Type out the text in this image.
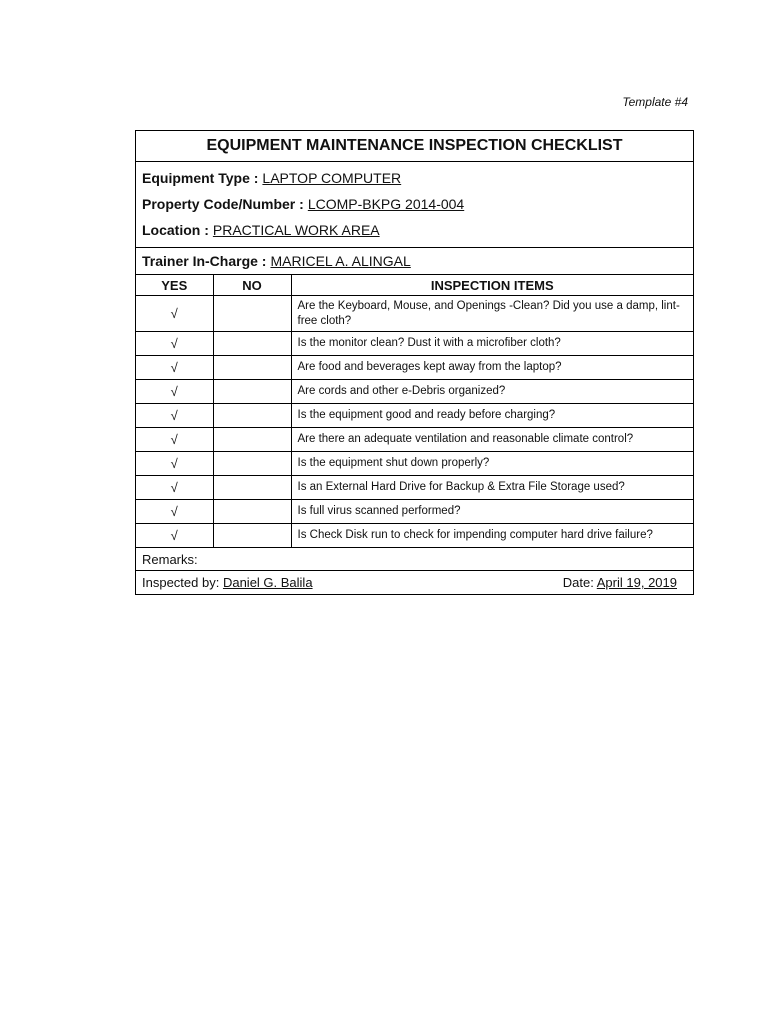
Template #4
EQUIPMENT MAINTENANCE INSPECTION CHECKLIST
Equipment Type : LAPTOP COMPUTER
Property Code/Number : LCOMP-BKPG 2014-004
Location : PRACTICAL WORK AREA
Trainer In-Charge : MARICEL A. ALINGAL
YES	NO	INSPECTION ITEMS
√		Are the Keyboard, Mouse, and Openings -Clean? Did you use a damp, lint-free cloth?
√		Is the monitor clean? Dust it with a microfiber cloth?
√		Are food and beverages kept away from the laptop?
√		Are cords and other e-Debris organized?
√		Is the equipment good and ready before charging?
√		Are there an adequate ventilation and reasonable climate control?
√		Is the equipment shut down properly?
√		Is an External Hard Drive for Backup & Extra File Storage used?
√		Is full virus scanned performed?
√		Is Check Disk run to check for impending computer hard drive failure?
Remarks:
Inspected by: Daniel G. Balila	Date: April 19, 2019
